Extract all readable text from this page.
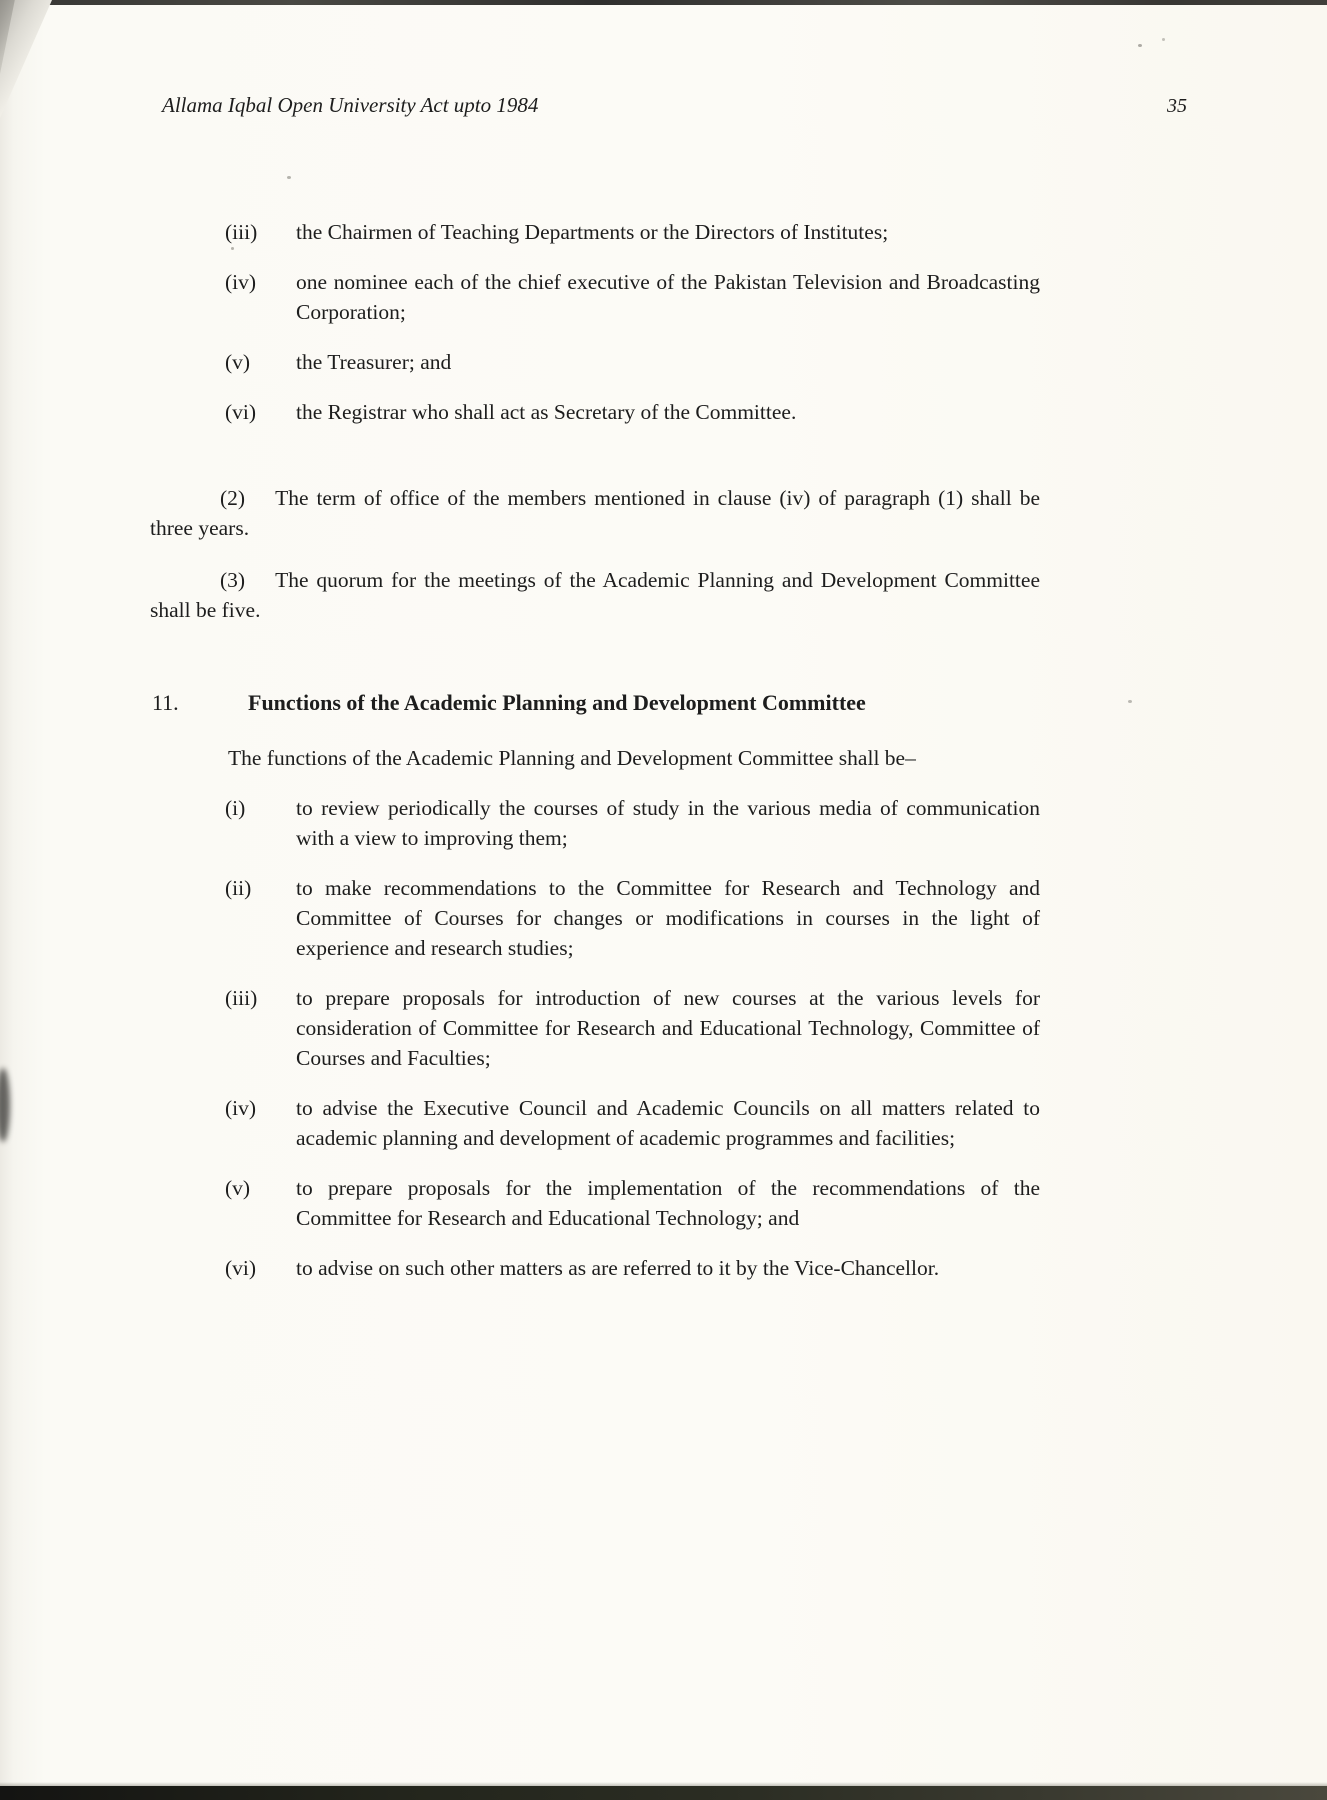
Allama Iqbal Open University Act upto 1984	35
(iii)	the Chairmen of Teaching Departments or the Directors of Institutes;
(iv)	one nominee each of the chief executive of the Pakistan Television and Broadcasting Corporation;
(v)	the Treasurer; and
(vi)	the Registrar who shall act as Secretary of the Committee.

(2) The term of office of the members mentioned in clause (iv) of paragraph (1) shall be three years.

(3) The quorum for the meetings of the Academic Planning and Development Committee shall be five.

11.	Functions of the Academic Planning and Development Committee

The functions of the Academic Planning and Development Committee shall be–

(i)	to review periodically the courses of study in the various media of communication with a view to improving them;
(ii)	to make recommendations to the Committee for Research and Technology and Committee of Courses for changes or modifications in courses in the light of experience and research studies;
(iii)	to prepare proposals for introduction of new courses at the various levels for consideration of Committee for Research and Educational Technology, Committee of Courses and Faculties;
(iv)	to advise the Executive Council and Academic Councils on all matters related to academic planning and development of academic programmes and facilities;
(v)	to prepare proposals for the implementation of the recommendations of the Committee for Research and Educational Technology; and
(vi)	to advise on such other matters as are referred to it by the Vice-Chancellor.
